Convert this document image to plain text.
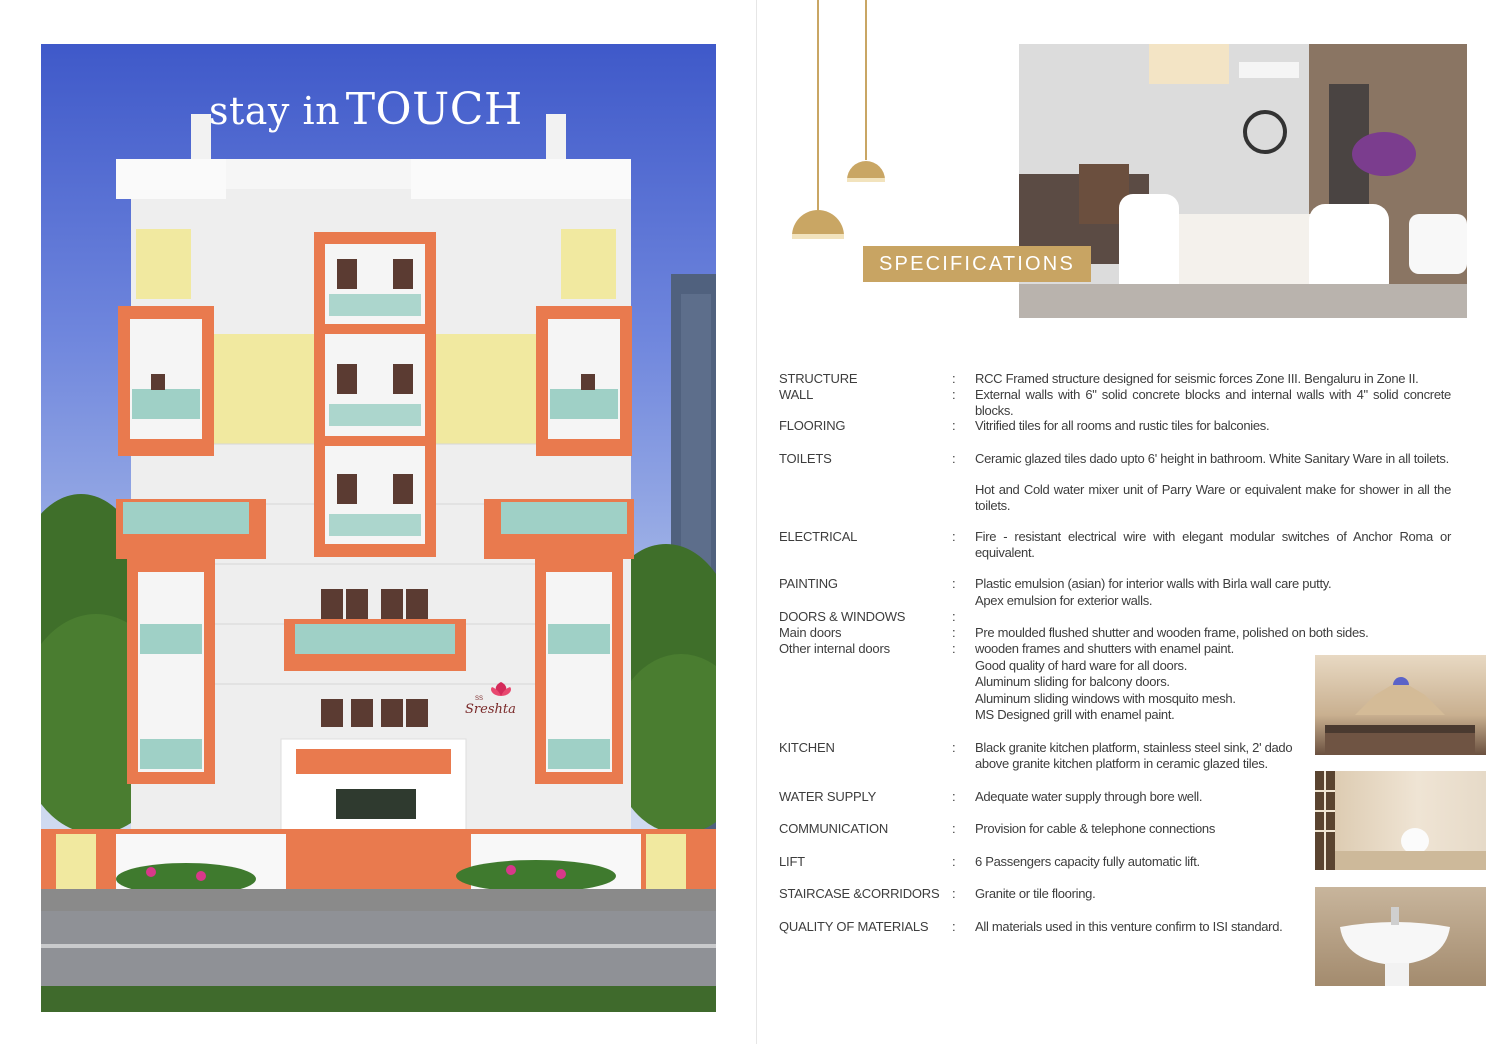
stay in TOUCH
SS
Sreshta
SPECIFICATIONS
STRUCTURE	: RCC Framed structure designed for seismic forces Zone III. Bengaluru in Zone II.
WALL	: External walls with 6" solid concrete blocks and internal walls with 4" solid concrete blocks.
FLOORING	: Vitrified tiles for all rooms and rustic tiles for balconies.
TOILETS	: Ceramic glazed tiles dado upto 6' height in bathroom. White Sanitary Ware in all toilets.
Hot and Cold water mixer unit of Parry Ware or equivalent make for shower in all the toilets.
ELECTRICAL	: Fire - resistant electrical wire with elegant modular switches of Anchor Roma or equivalent.
PAINTING	: Plastic emulsion (asian) for interior walls with Birla wall care putty.
Apex emulsion for exterior walls.
DOORS & WINDOWS	:
Main doors	: Pre moulded flushed shutter and wooden frame, polished on both sides.
Other internal doors	: wooden frames and shutters with enamel paint.
Good quality of hard ware for all doors.
Aluminum sliding for balcony doors.
Aluminum sliding windows with mosquito mesh.
MS Designed grill with enamel paint.
KITCHEN	: Black granite kitchen platform, stainless steel sink, 2' dado
above granite kitchen platform in ceramic glazed tiles.
WATER SUPPLY	: Adequate water supply through bore well.
COMMUNICATION	: Provision for cable & telephone connections
LIFT	: 6 Passengers capacity fully automatic lift.
STAIRCASE &CORRIDORS : Granite or tile flooring.
QUALITY OF MATERIALS	: All materials used in this venture confirm to ISI standard.
